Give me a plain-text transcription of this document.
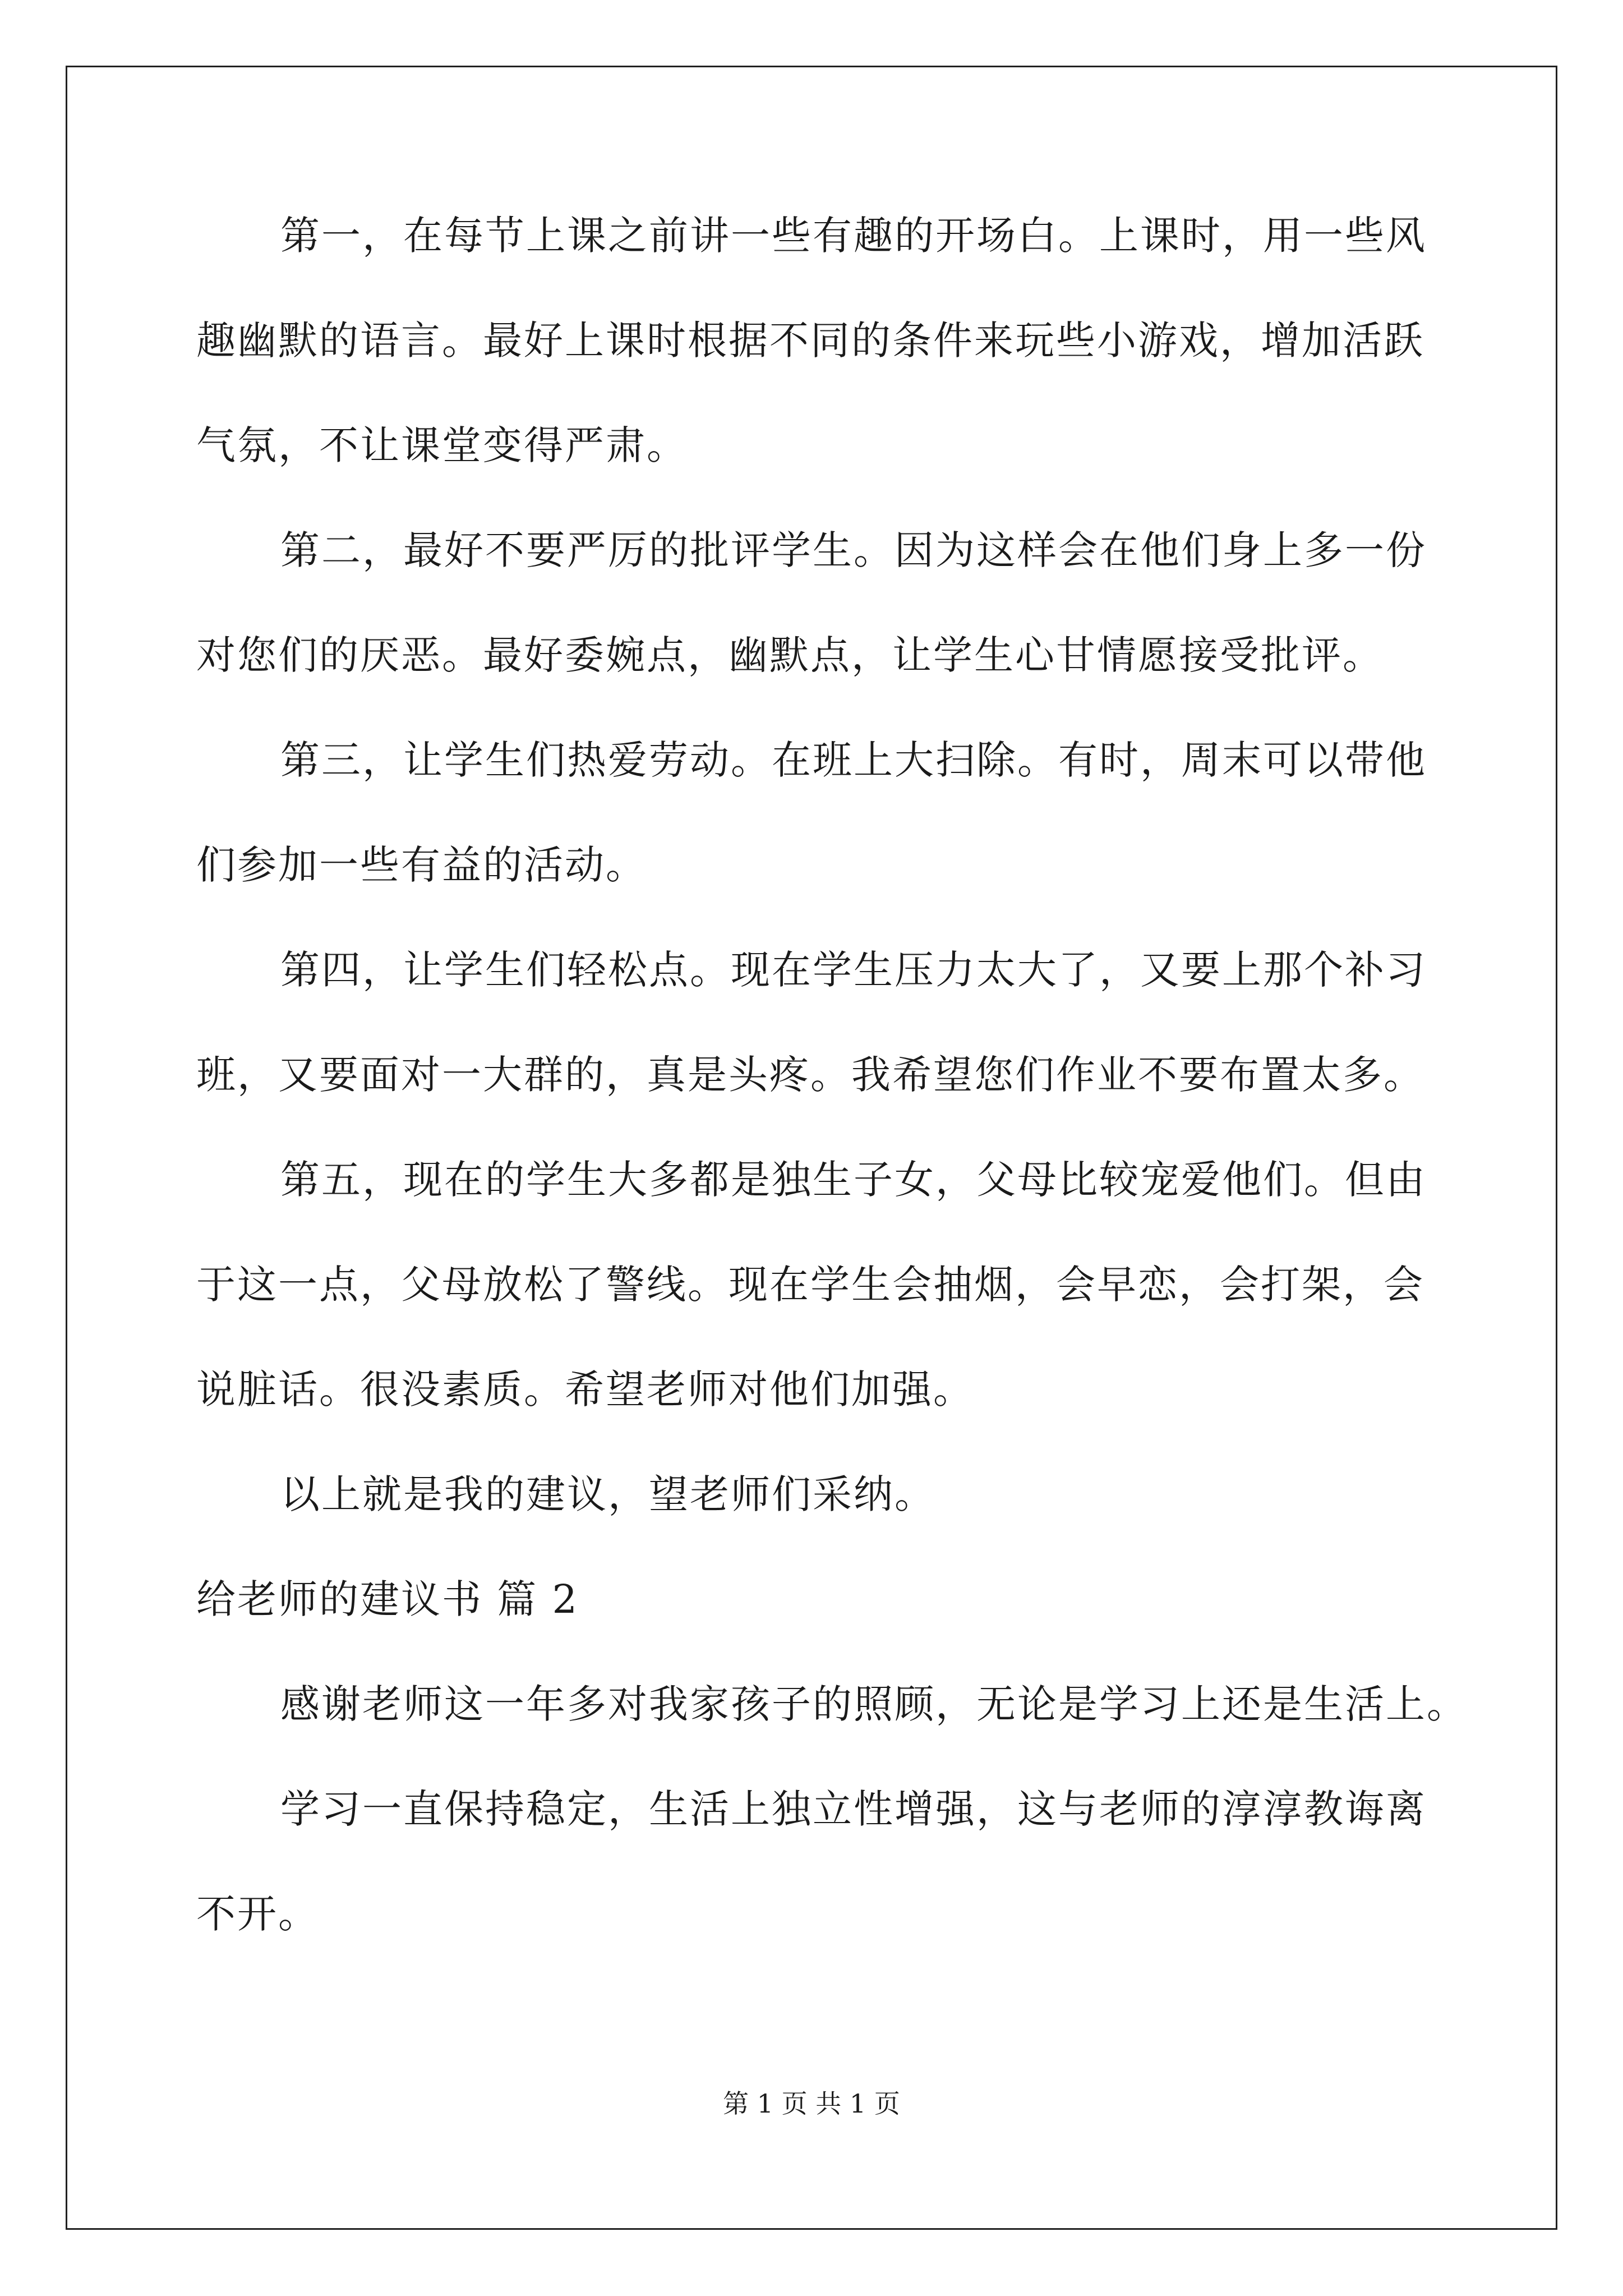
第一，在每节上课之前讲一些有趣的开场白。上课时，用一些风
趣幽默的语言。最好上课时根据不同的条件来玩些小游戏，增加活跃
气氛，不让课堂变得严肃。
第二，最好不要严厉的批评学生。因为这样会在他们身上多一份
对您们的厌恶。最好委婉点，幽默点，让学生心甘情愿接受批评。
第三，让学生们热爱劳动。在班上大扫除。有时，周末可以带他
们参加一些有益的活动。
第四，让学生们轻松点。现在学生压力太大了，又要上那个补习
班，又要面对一大群的，真是头疼。我希望您们作业不要布置太多。
第五，现在的学生大多都是独生子女，父母比较宠爱他们。但由
于这一点，父母放松了警线。现在学生会抽烟，会早恋，会打架，会
说脏话。很没素质。希望老师对他们加强。
以上就是我的建议，望老师们采纳。
给老师的建议书 篇 2
感谢老师这一年多对我家孩子的照顾，无论是学习上还是生活上。
学习一直保持稳定，生活上独立性增强，这与老师的淳淳教诲离
不开。
第 1 页 共 1 页
